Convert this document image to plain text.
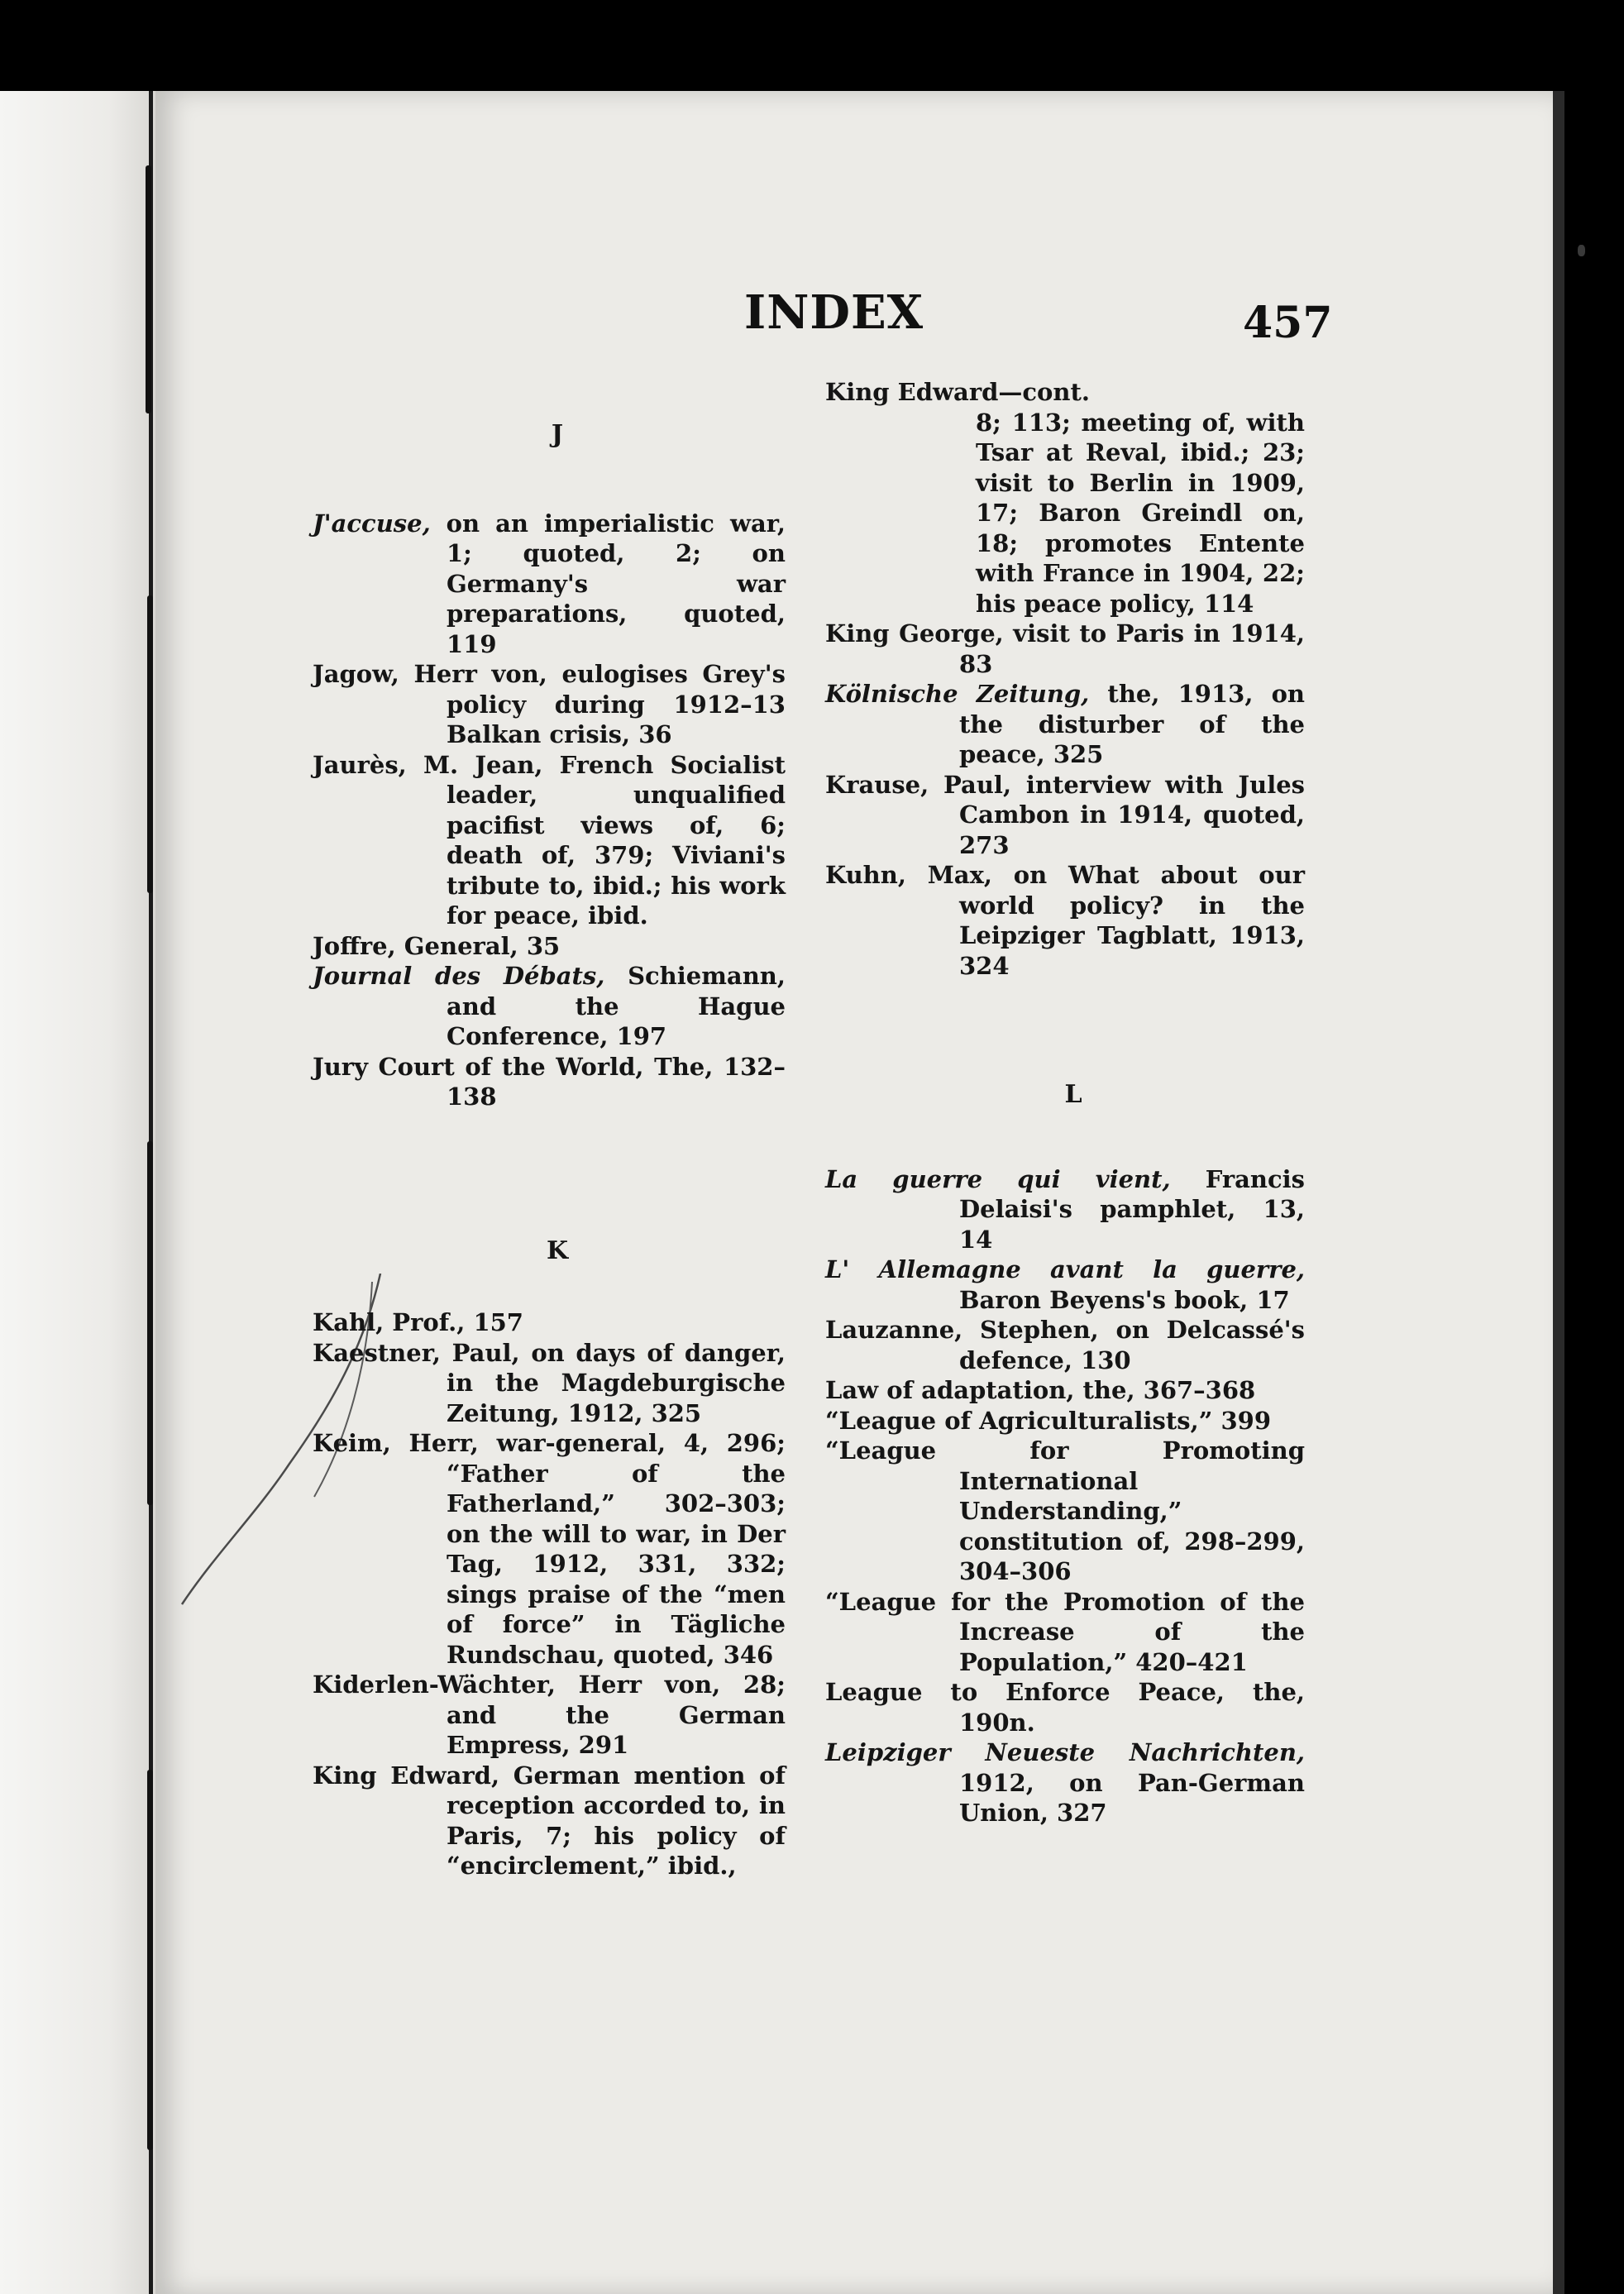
INDEX	457
J
J'accuse, on an imperialistic war, 1; quoted, 2; on Germany's war preparations, quoted, 119
Jagow, Herr von, eulogises Grey's policy during 1912–13 Balkan crisis, 36
Jaurès, M. Jean, French Socialist leader, unqualified pacifist views of, 6; death of, 379; Viviani's tribute to, ibid.; his work for peace, ibid.
Joffre, General, 35
Journal des Débats, Schiemann, and the Hague Conference, 197
Jury Court of the World, The, 132–138
K
Kahl, Prof., 157
Kaestner, Paul, on days of danger, in the Magdeburgische Zeitung, 1912, 325
Keim, Herr, war-general, 4, 296; “Father of the Fatherland,” 302–303; on the will to war, in Der Tag, 1912, 331, 332; sings praise of the “men of force” in Tägliche Rundschau, quoted, 346
Kiderlen-Wächter, Herr von, 28; and the German Empress, 291
King Edward, German mention of reception accorded to, in Paris, 7; his policy of “encirclement,” ibid.,
King Edward—cont.
8; 113; meeting of, with Tsar at Reval, ibid.; 23; visit to Berlin in 1909, 17; Baron Greindl on, 18; promotes Entente with France in 1904, 22; his peace policy, 114
King George, visit to Paris in 1914, 83
Kölnische Zeitung, the, 1913, on the disturber of the peace, 325
Krause, Paul, interview with Jules Cambon in 1914, quoted, 273
Kuhn, Max, on What about our world policy? in the Leipziger Tagblatt, 1913, 324
L
La guerre qui vient, Francis Delaisi's pamphlet, 13, 14
L' Allemagne avant la guerre, Baron Beyens's book, 17
Lauzanne, Stephen, on Delcassé's defence, 130
Law of adaptation, the, 367–368
“League of Agriculturalists,” 399
“League for Promoting International Understanding,” constitution of, 298–299, 304–306
“League for the Promotion of the Increase of the Population,” 420–421
League to Enforce Peace, the, 190n.
Leipziger Neueste Nachrichten, 1912, on Pan-German Union, 327
